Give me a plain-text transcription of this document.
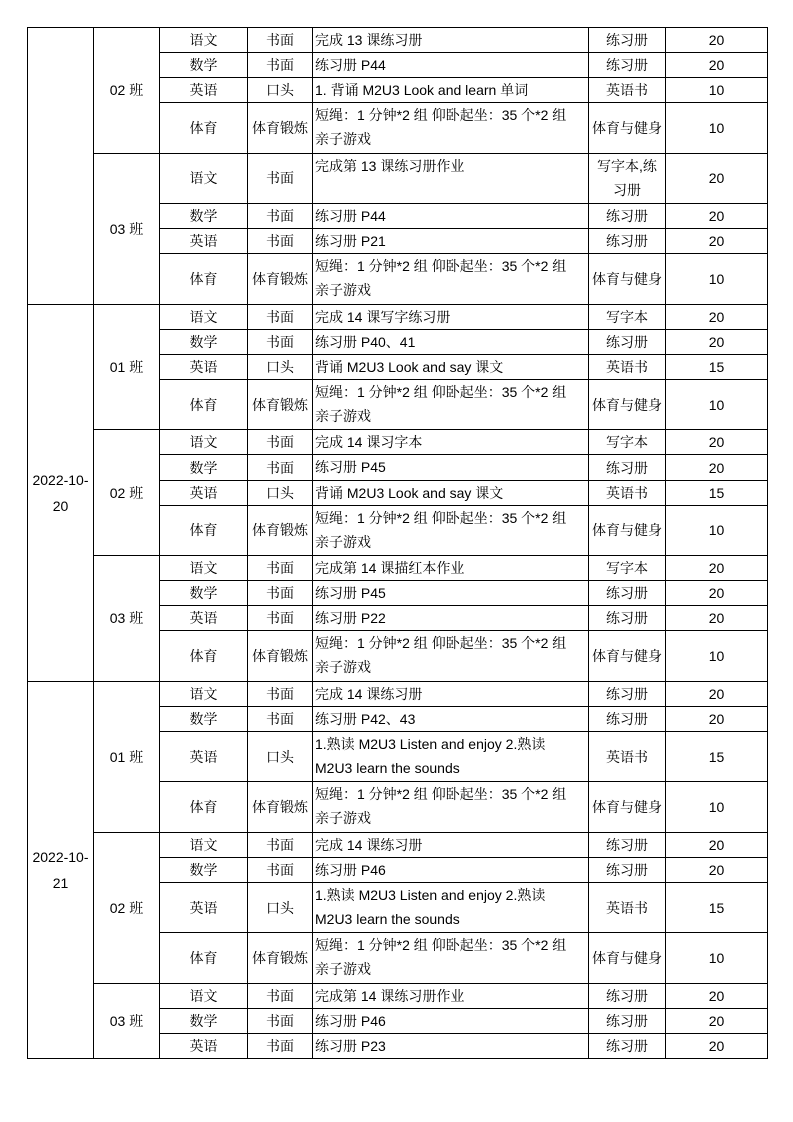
	02 班	语文	书面	完成 13 课练习册	练习册	20
		数学	书面	练习册 P44	练习册	20
		英语	口头	1. 背诵 M2U3 Look and learn 单词	英语书	10
		体育	体育锻炼	短绳：1 分钟*2 组 仰卧起坐：35 个*2 组 亲子游戏	体育与健身	10
	03 班	语文	书面	完成第 13 课练习册作业	写字本,练习册	20
		数学	书面	练习册 P44	练习册	20
		英语	书面	练习册 P21	练习册	20
		体育	体育锻炼	短绳：1 分钟*2 组 仰卧起坐：35 个*2 组 亲子游戏	体育与健身	10
2022-10-20	01 班	语文	书面	完成 14 课写字练习册	写字本	20
		数学	书面	练习册 P40、41	练习册	20
		英语	口头	背诵 M2U3 Look and say 课文	英语书	15
		体育	体育锻炼	短绳：1 分钟*2 组 仰卧起坐：35 个*2 组 亲子游戏	体育与健身	10
	02 班	语文	书面	完成 14 课习字本	写字本	20
		数学	书面	练习册 P45	练习册	20
		英语	口头	背诵 M2U3 Look and say 课文	英语书	15
		体育	体育锻炼	短绳：1 分钟*2 组 仰卧起坐：35 个*2 组 亲子游戏	体育与健身	10
	03 班	语文	书面	完成第 14 课描红本作业	写字本	20
		数学	书面	练习册 P45	练习册	20
		英语	书面	练习册 P22	练习册	20
		体育	体育锻炼	短绳：1 分钟*2 组 仰卧起坐：35 个*2 组 亲子游戏	体育与健身	10
2022-10-21	01 班	语文	书面	完成 14 课练习册	练习册	20
		数学	书面	练习册 P42、43	练习册	20
		英语	口头	1.熟读 M2U3 Listen and enjoy 2.熟读 M2U3 learn the sounds	英语书	15
		体育	体育锻炼	短绳：1 分钟*2 组 仰卧起坐：35 个*2 组 亲子游戏	体育与健身	10
	02 班	语文	书面	完成 14 课练习册	练习册	20
		数学	书面	练习册 P46	练习册	20
		英语	口头	1.熟读 M2U3 Listen and enjoy 2.熟读 M2U3 learn the sounds	英语书	15
		体育	体育锻炼	短绳：1 分钟*2 组 仰卧起坐：35 个*2 组 亲子游戏	体育与健身	10
	03 班	语文	书面	完成第 14 课练习册作业	练习册	20
		数学	书面	练习册 P46	练习册	20
		英语	书面	练习册 P23	练习册	20
